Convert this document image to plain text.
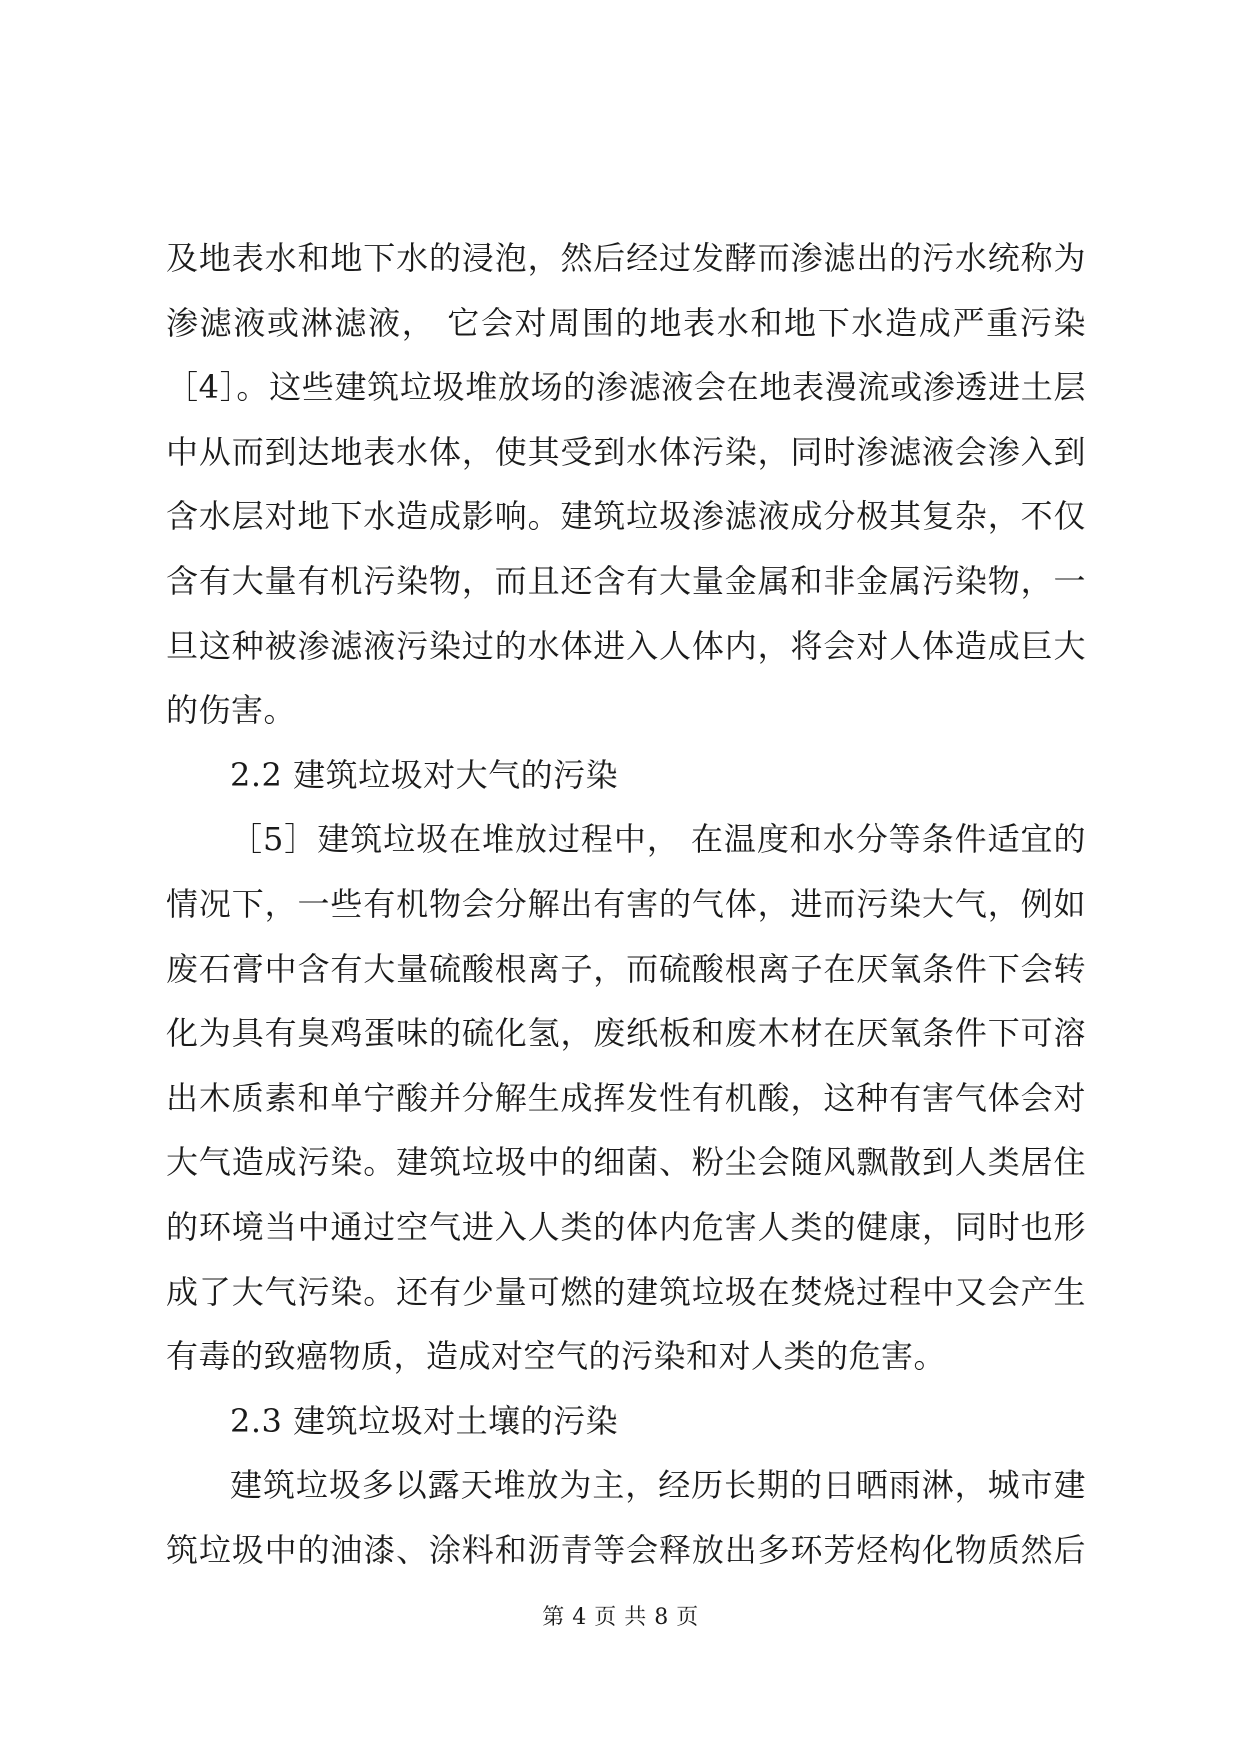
及地表水和地下水的浸泡，然后经过发酵而渗滤出的污水统称为
渗滤液或淋滤液， 它会对周围的地表水和地下水造成严重污染
［4］。这些建筑垃圾堆放场的渗滤液会在地表漫流或渗透进土层
中从而到达地表水体，使其受到水体污染，同时渗滤液会渗入到
含水层对地下水造成影响。建筑垃圾渗滤液成分极其复杂，不仅
含有大量有机污染物，而且还含有大量金属和非金属污染物，一
旦这种被渗滤液污染过的水体进入人体内，将会对人体造成巨大
的伤害。
2.2 建筑垃圾对大气的污染
［5］建筑垃圾在堆放过程中， 在温度和水分等条件适宜的
情况下，一些有机物会分解出有害的气体，进而污染大气，例如
废石膏中含有大量硫酸根离子，而硫酸根离子在厌氧条件下会转
化为具有臭鸡蛋味的硫化氢，废纸板和废木材在厌氧条件下可溶
出木质素和单宁酸并分解生成挥发性有机酸，这种有害气体会对
大气造成污染。建筑垃圾中的细菌、粉尘会随风飘散到人类居住
的环境当中通过空气进入人类的体内危害人类的健康，同时也形
成了大气污染。还有少量可燃的建筑垃圾在焚烧过程中又会产生
有毒的致癌物质，造成对空气的污染和对人类的危害。
2.3 建筑垃圾对土壤的污染
建筑垃圾多以露天堆放为主，经历长期的日晒雨淋，城市建
筑垃圾中的油漆、涂料和沥青等会释放出多环芳烃构化物质然后
第 4 页 共 8 页
